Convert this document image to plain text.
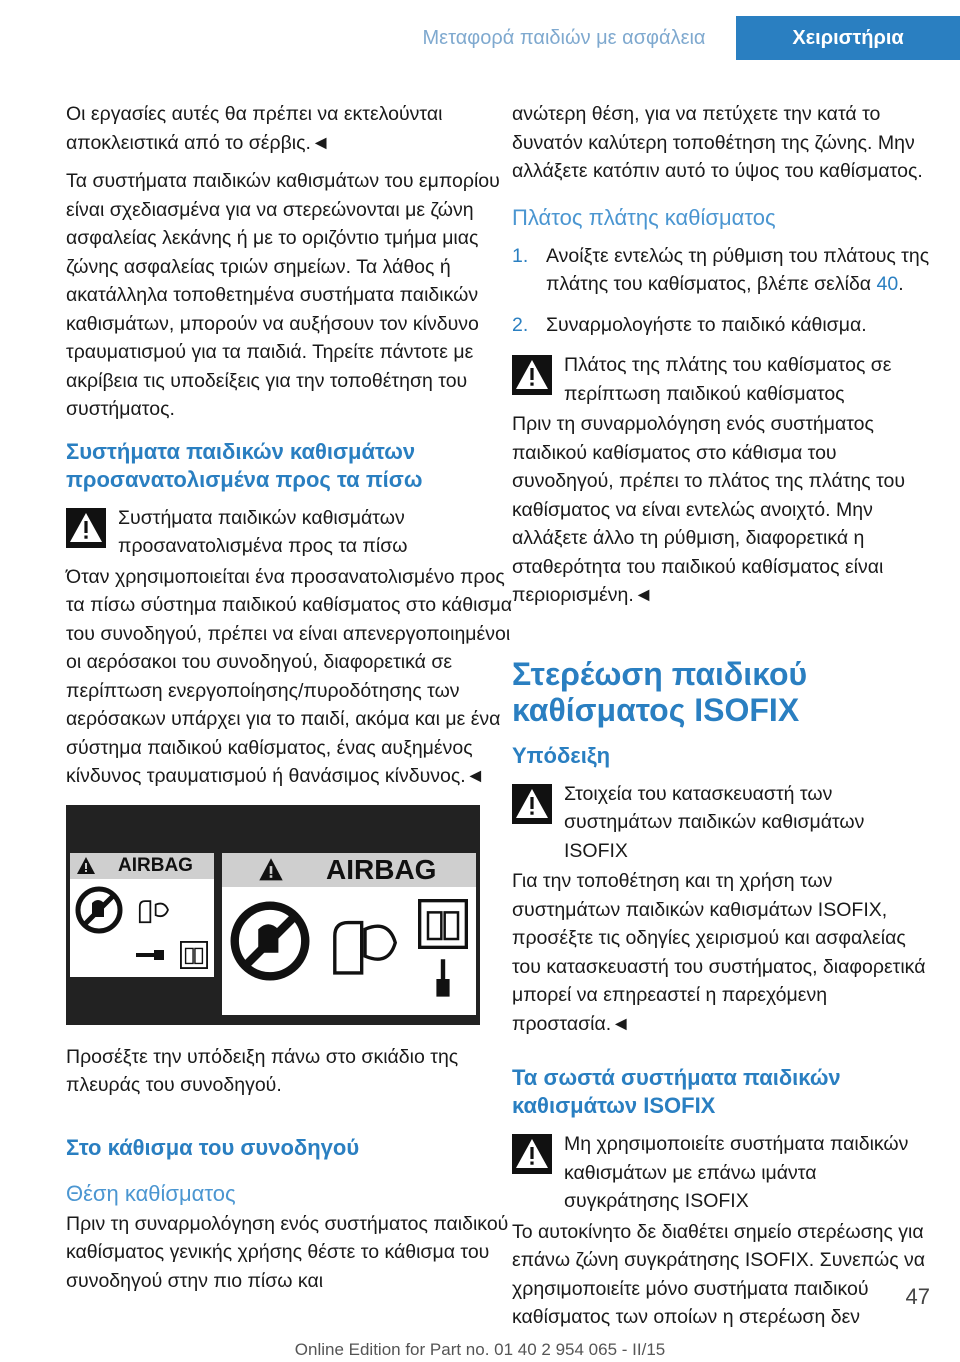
Μεταφορά παιδιών με ασφάλεια	Χειριστήρια

Οι εργασίες αυτές θα πρέπει να εκτελούνται αποκλειστικά από το σέρβις.◄

Τα συστήματα παιδικών καθισμάτων του εμπορίου είναι σχεδιασμένα για να στερεώνονται με ζώνη ασφαλείας λεκάνης ή με το οριζόντιο τμήμα μιας ζώνης ασφαλείας τριών σημείων. Τα λάθος ή ακατάλληλα τοποθετημένα συστήματα παιδικών καθισμάτων, μπορούν να αυξήσουν τον κίνδυνο τραυματισμού για τα παιδιά. Τηρείτε πάντοτε με ακρίβεια τις υποδείξεις για την τοποθέτηση του συστήματος.

Συστήματα παιδικών καθισμάτων προσανατολισμένα προς τα πίσω

Συστήματα παιδικών καθισμάτων προσανατολισμένα προς τα πίσω

Όταν χρησιμοποιείται ένα προσανατολισμένο προς τα πίσω σύστημα παιδικού καθίσματος στο κάθισμα του συνοδηγού, πρέπει να είναι απενεργοποιημένοι οι αερόσακοι του συνοδηγού, διαφορετικά σε περίπτωση ενεργοποίησης/πυροδότησης των αερόσακων υπάρχει για το παιδί, ακόμα και με ένα σύστημα παιδικού καθίσματος, ένας αυξημένος κίνδυνος τραυματισμού ή θανάσιμος κίνδυνος.◄

AIRBAG	AIRBAG

Προσέξτε την υπόδειξη πάνω στο σκιάδιο της πλευράς του συνοδηγού.

Στο κάθισμα του συνοδηγού
Θέση καθίσματος

Πριν τη συναρμολόγηση ενός συστήματος παιδικού καθίσματος γενικής χρήσης θέστε το κάθισμα του συνοδηγού στην πιο πίσω και

ανώτερη θέση, για να πετύχετε την κατά το δυνατόν καλύτερη τοποθέτηση της ζώνης. Μην αλλάξετε κατόπιν αυτό το ύψος του καθίσματος.

Πλάτος πλάτης καθίσματος
1. Ανοίξτε εντελώς τη ρύθμιση του πλάτους της πλάτης του καθίσματος, βλέπε σελίδα 40.
2. Συναρμολογήστε το παιδικό κάθισμα.

Πλάτος της πλάτης του καθίσματος σε περίπτωση παιδικού καθίσματος

Πριν τη συναρμολόγηση ενός συστήματος παιδικού καθίσματος στο κάθισμα του συνοδηγού, πρέπει το πλάτος της πλάτης του καθίσματος να είναι εντελώς ανοιχτό. Μην αλλάξετε άλλο τη ρύθμιση, διαφορετικά η σταθερότητα του παιδικού καθίσματος είναι περιορισμένη.◄

Στερέωση παιδικού καθίσματος ISOFIX
Υπόδειξη

Στοιχεία του κατασκευαστή των συστημάτων παιδικών καθισμάτων ISOFIX

Για την τοποθέτηση και τη χρήση των συστημάτων παιδικών καθισμάτων ISOFIX, προσέξτε τις οδηγίες χειρισμού και ασφαλείας του κατασκευαστή του συστήματος, διαφορετικά μπορεί να επηρεαστεί η παρεχόμενη προστασία.◄

Τα σωστά συστήματα παιδικών καθισμάτων ISOFIX

Μη χρησιμοποιείτε συστήματα παιδικών καθισμάτων με επάνω ιμάντα συγκράτησης ISOFIX

Το αυτοκίνητο δε διαθέτει σημείο στερέωσης για επάνω ζώνη συγκράτησης ISOFIX. Συνεπώς να χρησιμοποιείτε μόνο συστήματα παιδικού καθίσματος των οποίων η στερέωση δεν

47
Online Edition for Part no. 01 40 2 954 065 - II/15
